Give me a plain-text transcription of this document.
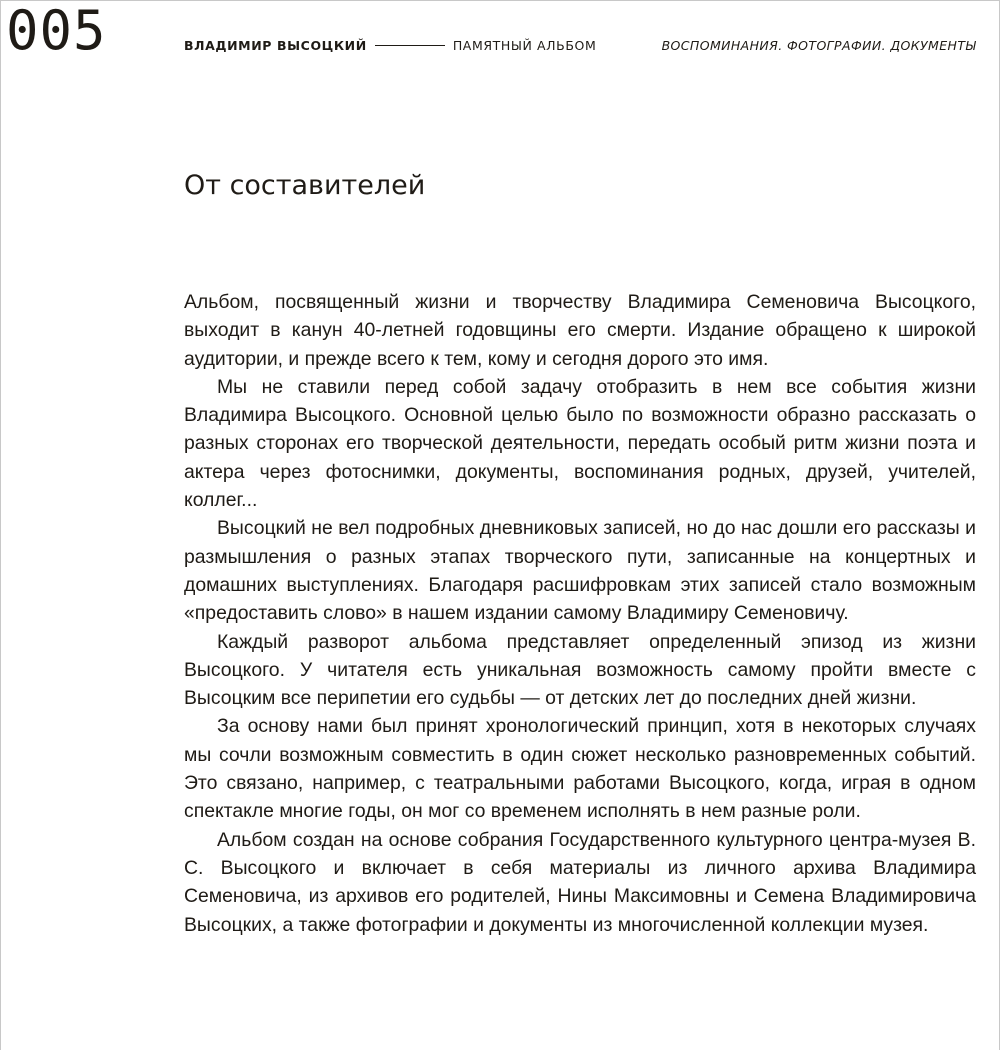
005	ВЛАДИМИР ВЫСОЦКИЙ	ПАМЯТНЫЙ АЛЬБОМ	ВОСПОМИНАНИЯ. ФОТОГРАФИИ. ДОКУМЕНТЫ
От составителей

Альбом, посвященный жизни и творчеству Владимира Семеновича Высоцкого, выходит в канун 40-летней годовщины его смерти. Издание обращено к широкой аудитории, и прежде всего к тем, кому и сегодня дорого это имя.

Мы не ставили перед собой задачу отобразить в нем все события жизни Владимира Высоцкого. Основной целью было по возможности образно рассказать о разных сторонах его творческой деятельности, передать особый ритм жизни поэта и актера через фотоснимки, документы, воспоминания родных, друзей, учителей, коллег...

Высоцкий не вел подробных дневниковых записей, но до нас дошли его рассказы и размышления о разных этапах творческого пути, записанные на концертных и домашних выступлениях. Благодаря расшифровкам этих записей стало возможным «предоставить слово» в нашем издании самому Владимиру Семеновичу.

Каждый разворот альбома представляет определенный эпизод из жизни Высоцкого. У читателя есть уникальная возможность самому пройти вместе с Высоцким все перипетии его судьбы — от детских лет до последних дней жизни.

За основу нами был принят хронологический принцип, хотя в некоторых случаях мы сочли возможным совместить в один сюжет несколько разновременных событий. Это связано, например, с театральными работами Высоцкого, когда, играя в одном спектакле многие годы, он мог со временем исполнять в нем разные роли.

Альбом создан на основе собрания Государственного культурного центра-музея В. С. Высоцкого и включает в себя материалы из личного архива Владимира Семеновича, из архивов его родителей, Нины Максимовны и Семена Владимировича Высоцких, а также фотографии и документы из многочисленной коллекции музея.
